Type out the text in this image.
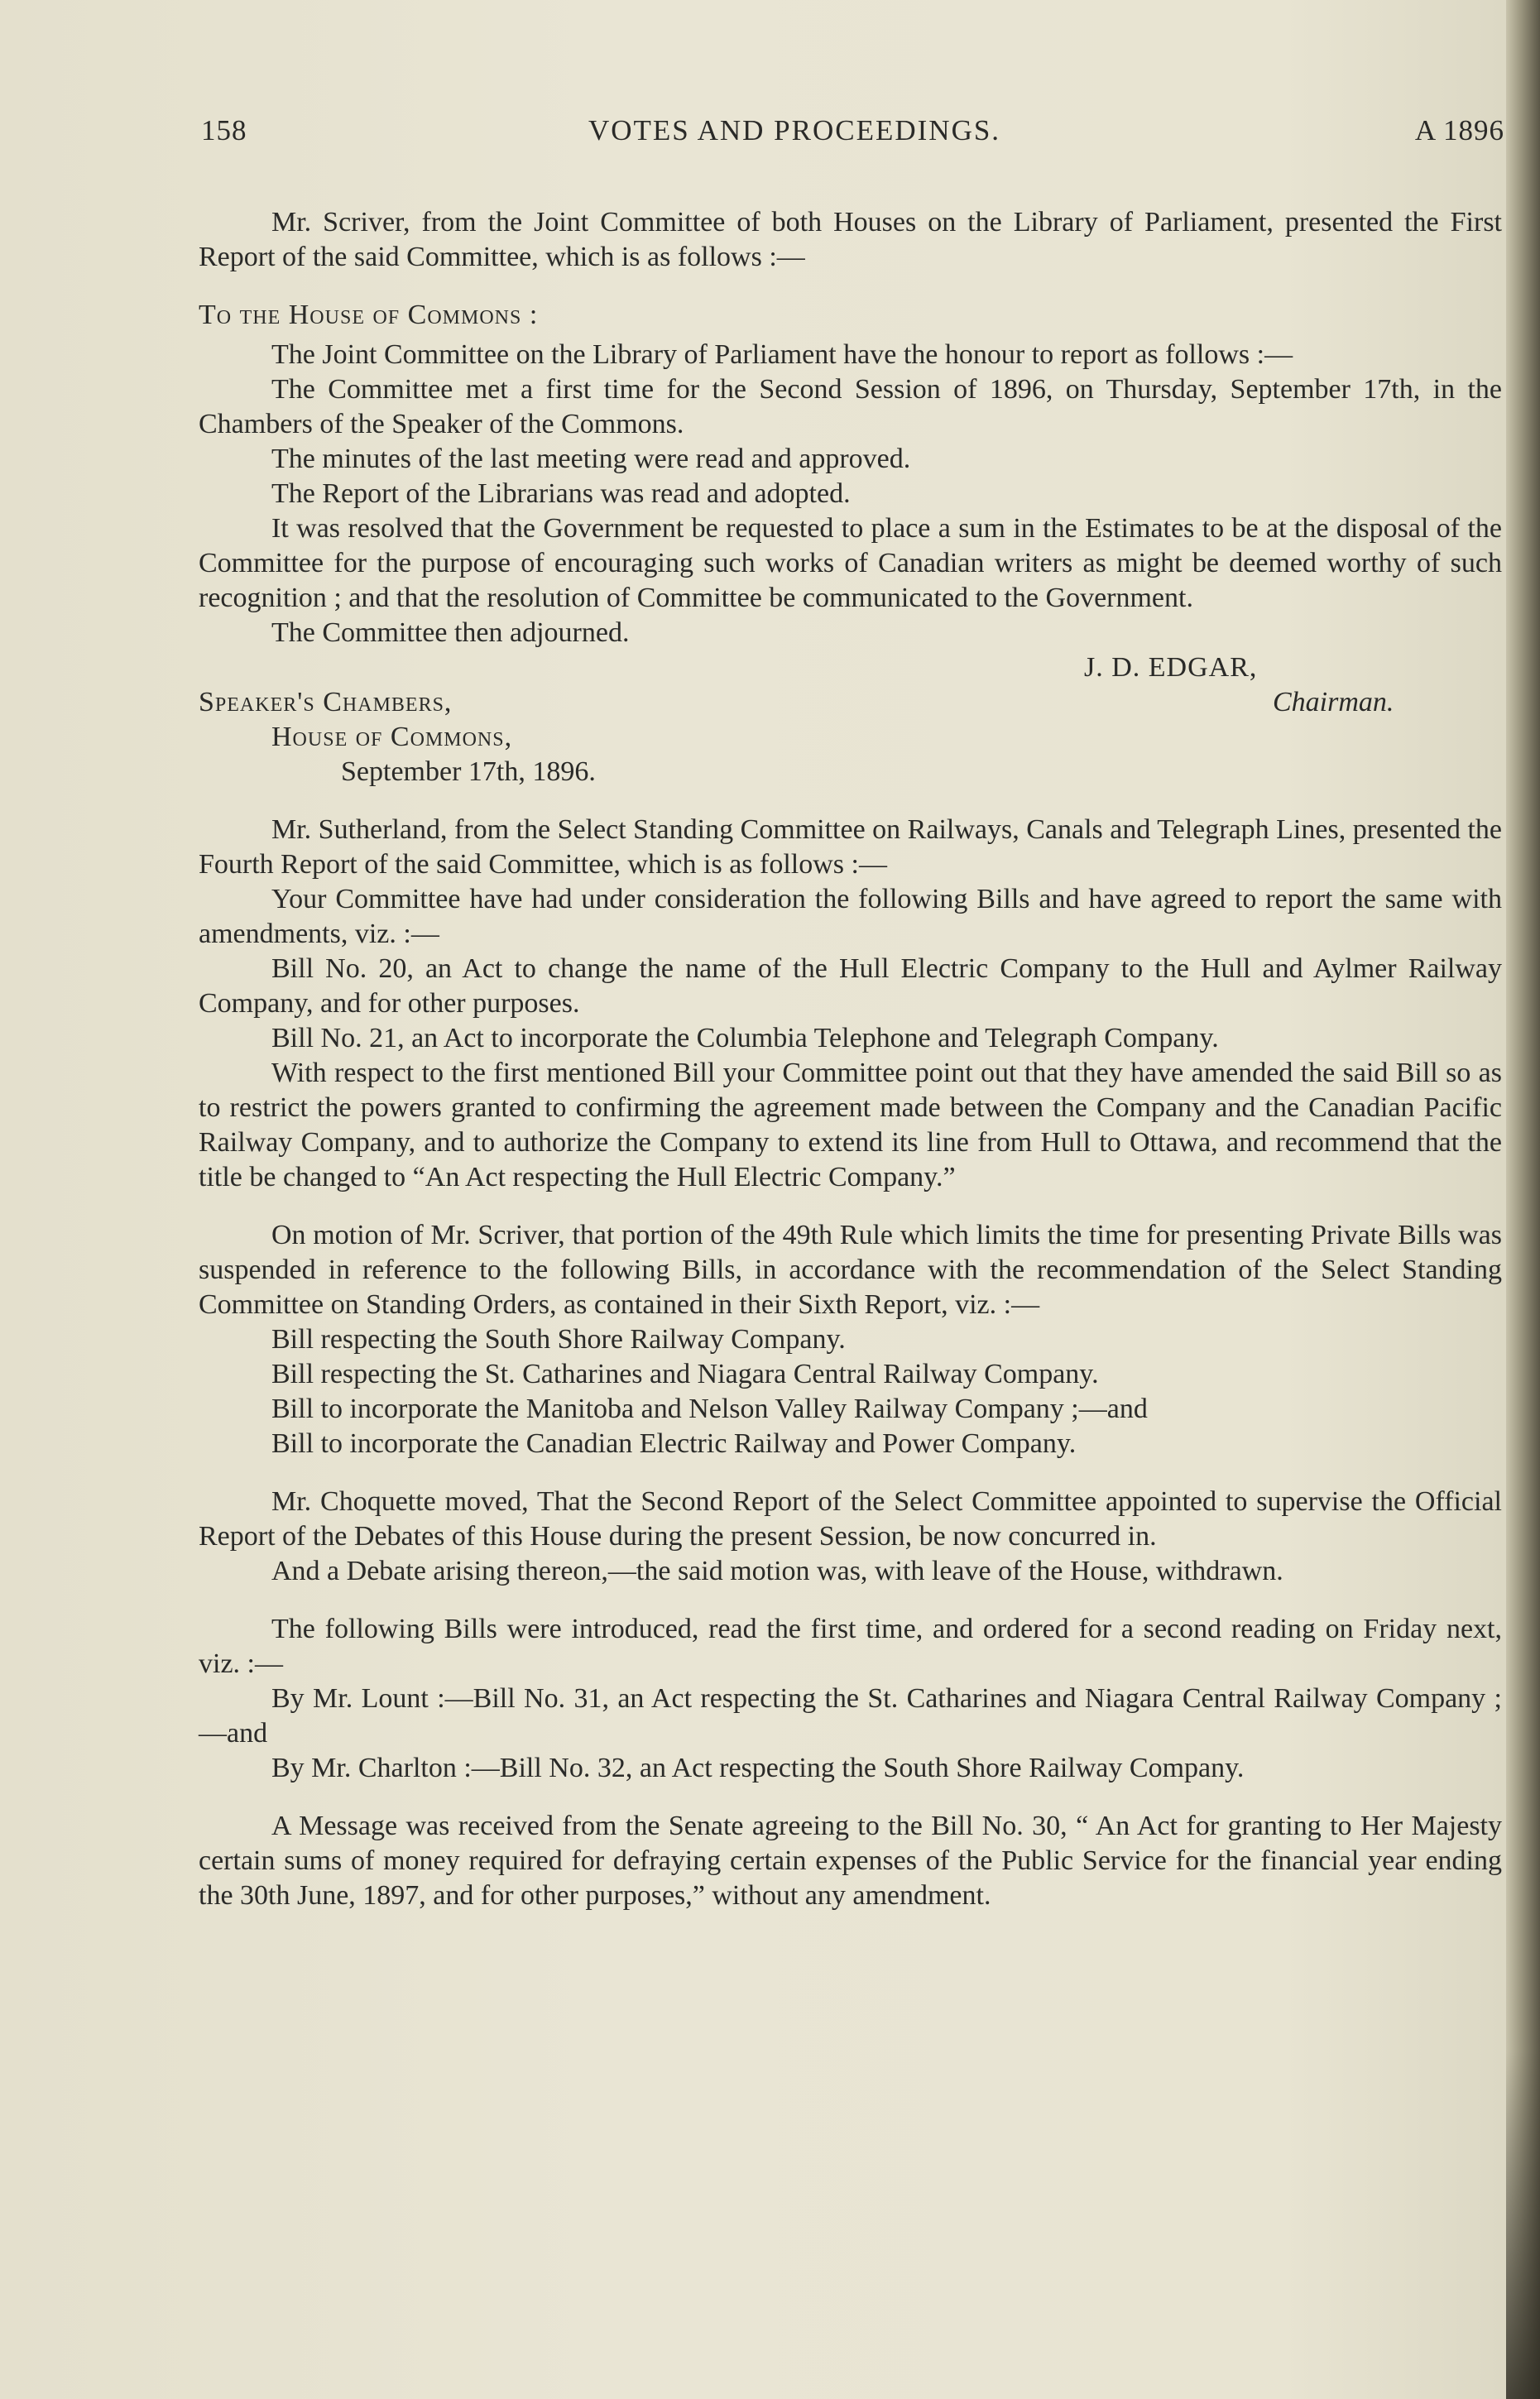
158	VOTES AND PROCEEDINGS.	A 1896

Mr. Scriver, from the Joint Committee of both Houses on the Library of Parliament, presented the First Report of the said Committee, which is as follows :—

To the House of Commons :

The Joint Committee on the Library of Parliament have the honour to report as follows :—

The Committee met a first time for the Second Session of 1896, on Thursday, September 17th, in the Chambers of the Speaker of the Commons.

The minutes of the last meeting were read and approved.

The Report of the Librarians was read and adopted.

It was resolved that the Government be requested to place a sum in the Estimates to be at the disposal of the Committee for the purpose of encouraging such works of Canadian writers as might be deemed worthy of such recognition ; and that the resolution of Committee be communicated to the Government.

The Committee then adjourned.

J. D. EDGAR,
Speaker's Chambers,	Chairman.
House of Commons,
September 17th, 1896.

Mr. Sutherland, from the Select Standing Committee on Railways, Canals and Telegraph Lines, presented the Fourth Report of the said Committee, which is as follows :—

Your Committee have had under consideration the following Bills and have agreed to report the same with amendments, viz. :—

Bill No. 20, an Act to change the name of the Hull Electric Company to the Hull and Aylmer Railway Company, and for other purposes.

Bill No. 21, an Act to incorporate the Columbia Telephone and Telegraph Company.

With respect to the first mentioned Bill your Committee point out that they have amended the said Bill so as to restrict the powers granted to confirming the agreement made between the Company and the Canadian Pacific Railway Company, and to authorize the Company to extend its line from Hull to Ottawa, and recommend that the title be changed to “An Act respecting the Hull Electric Company.”

On motion of Mr. Scriver, that portion of the 49th Rule which limits the time for presenting Private Bills was suspended in reference to the following Bills, in accordance with the recommendation of the Select Standing Committee on Standing Orders, as contained in their Sixth Report, viz. :—

Bill respecting the South Shore Railway Company.

Bill respecting the St. Catharines and Niagara Central Railway Company.

Bill to incorporate the Manitoba and Nelson Valley Railway Company ;—and

Bill to incorporate the Canadian Electric Railway and Power Company.

Mr. Choquette moved, That the Second Report of the Select Committee appointed to supervise the Official Report of the Debates of this House during the present Session, be now concurred in.

And a Debate arising thereon,—the said motion was, with leave of the House, withdrawn.

The following Bills were introduced, read the first time, and ordered for a second reading on Friday next, viz. :—

By Mr. Lount :—Bill No. 31, an Act respecting the St. Catharines and Niagara Central Railway Company ;—and

By Mr. Charlton :—Bill No. 32, an Act respecting the South Shore Railway Company.

A Message was received from the Senate agreeing to the Bill No. 30, “ An Act for granting to Her Majesty certain sums of money required for defraying certain expenses of the Public Service for the financial year ending the 30th June, 1897, and for other purposes,” without any amendment.
